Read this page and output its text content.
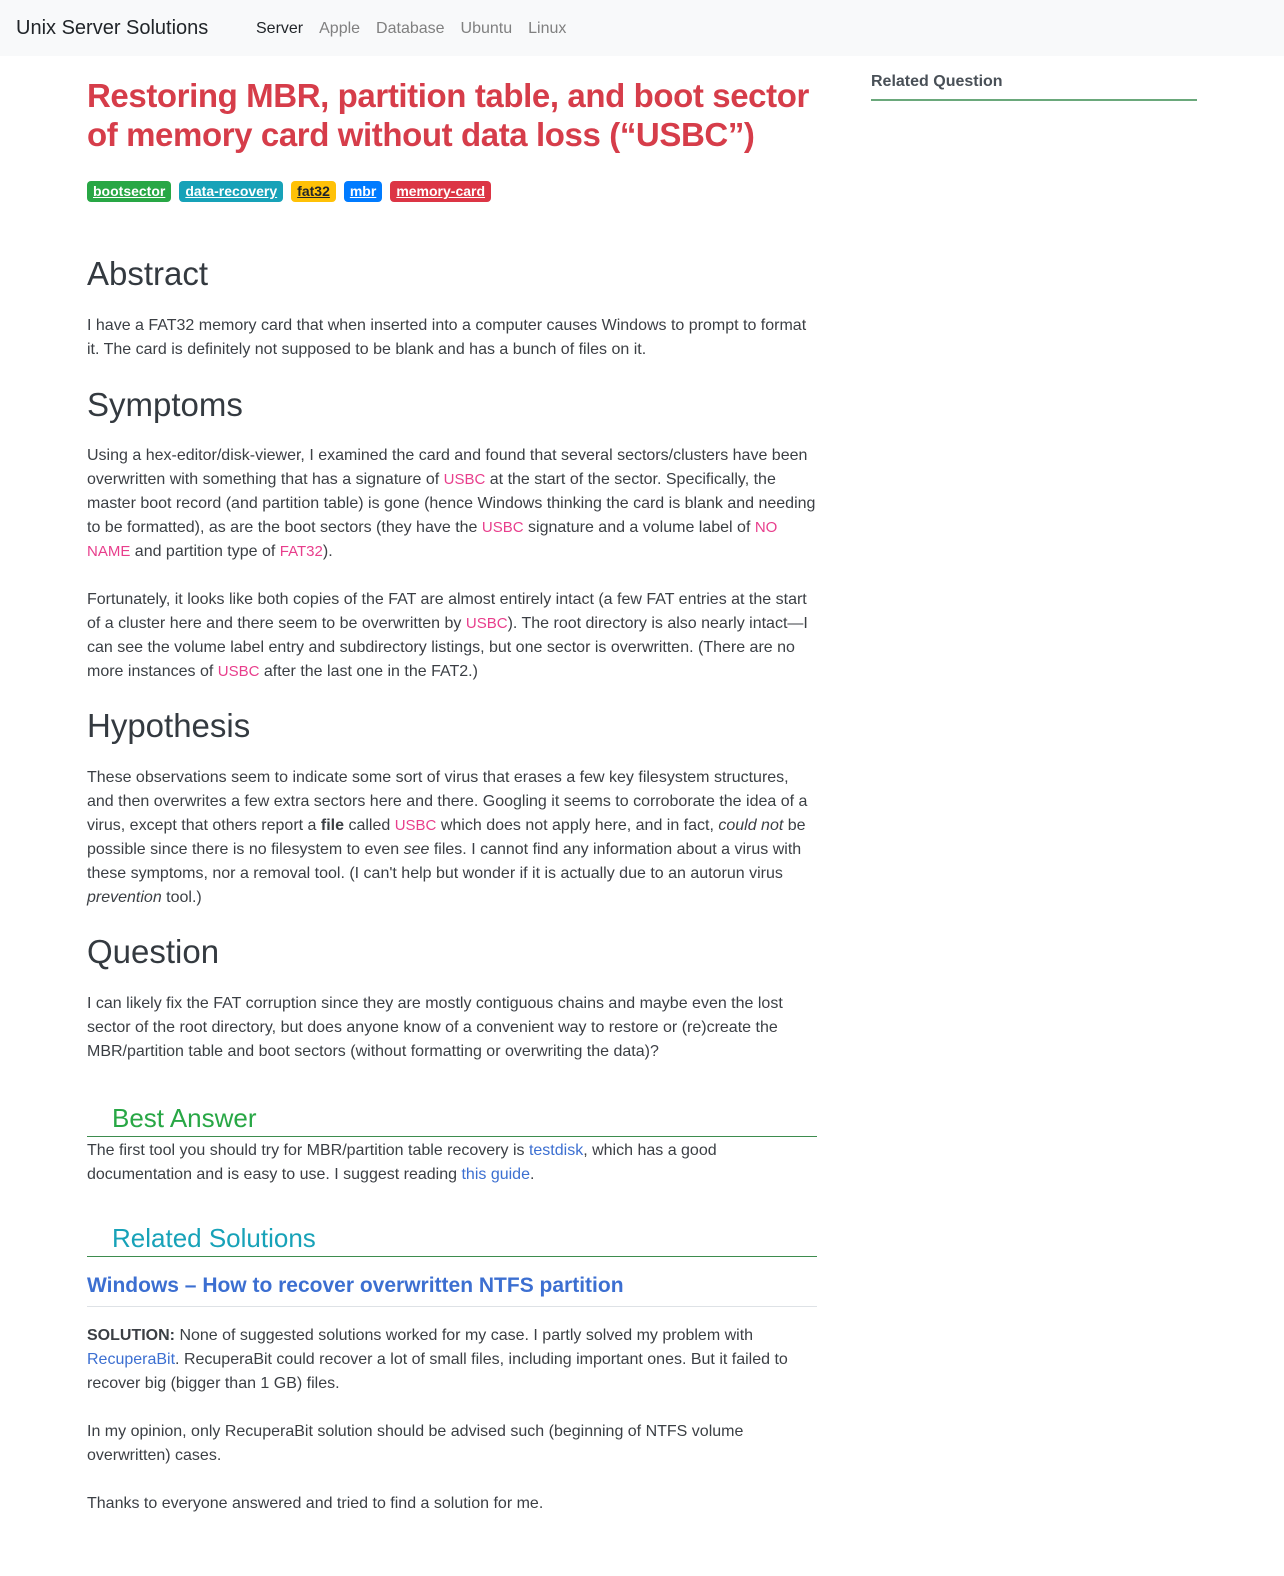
Unix Server Solutions	Server Apple Database Ubuntu Linux
Restoring MBR, partition table, and boot sector of memory card without data loss (“USBC”)
bootsector	data-recovery	fat32	mbr	memory-card
Abstract

I have a FAT32 memory card that when inserted into a computer causes Windows to prompt to format it. The card is definitely not supposed to be blank and has a bunch of files on it.

Symptoms

Using a hex-editor/disk-viewer, I examined the card and found that several sectors/clusters have been overwritten with something that has a signature of USBC at the start of the sector. Specifically, the master boot record (and partition table) is gone (hence Windows thinking the card is blank and needing to be formatted), as are the boot sectors (they have the USBC signature and a volume label of NO NAME and partition type of FAT32).

Fortunately, it looks like both copies of the FAT are almost entirely intact (a few FAT entries at the start of a cluster here and there seem to be overwritten by USBC). The root directory is also nearly intact—I can see the volume label entry and subdirectory listings, but one sector is overwritten. (There are no more instances of USBC after the last one in the FAT2.)

Hypothesis

These observations seem to indicate some sort of virus that erases a few key filesystem structures, and then overwrites a few extra sectors here and there. Googling it seems to corroborate the idea of a virus, except that others report a file called USBC which does not apply here, and in fact, could not be possible since there is no filesystem to even see files. I cannot find any information about a virus with these symptoms, nor a removal tool. (I can't help but wonder if it is actually due to an autorun virus prevention tool.)

Question

I can likely fix the FAT corruption since they are mostly contiguous chains and maybe even the lost sector of the root directory, but does anyone know of a convenient way to restore or (re)create the MBR/partition table and boot sectors (without formatting or overwriting the data)?

Best Answer

The first tool you should try for MBR/partition table recovery is testdisk, which has a good documentation and is easy to use. I suggest reading this guide.

Related Solutions
Windows – How to recover overwritten NTFS partition

SOLUTION: None of suggested solutions worked for my case. I partly solved my problem with RecuperaBit. RecuperaBit could recover a lot of small files, including important ones. But it failed to recover big (bigger than 1 GB) files.

In my opinion, only RecuperaBit solution should be advised such (beginning of NTFS volume overwritten) cases.

Thanks to everyone answered and tried to find a solution for me.

Related Question
